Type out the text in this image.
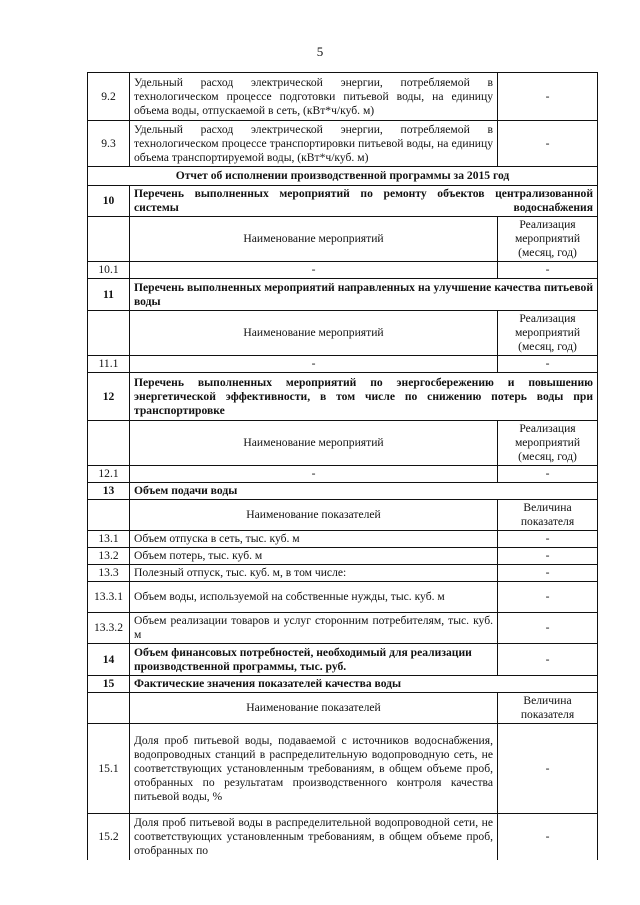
5
9.2	Удельный расход электрической энергии, потребляемой в технологическом процессе подготовки питьевой воды, на единицу объема воды, отпускаемой в сеть, (кВт*ч/куб. м)	-
9.3	Удельный расход электрической энергии, потребляемой в технологическом процессе транспортировки питьевой воды, на единицу объема транспортируемой воды, (кВт*ч/куб. м)	-
Отчет об исполнении производственной программы за 2015 год		
10	Перечень выполненных мероприятий по ремонту объектов централизованной системы водоснабжения	
	Наименование мероприятий	Реализация мероприятий (месяц, год)
10.1	-	-
11	Перечень выполненных мероприятий направленных на улучшение качества питьевой воды	
	Наименование мероприятий	Реализация мероприятий (месяц, год)
11.1	-	-
12	Перечень выполненных мероприятий по энергосбережению и повышению энергетической эффективности, в том числе по снижению потерь воды при транспортировке	
	Наименование мероприятий	Реализация мероприятий (месяц, год)
12.1	-	-
13	Объем подачи воды	
	Наименование показателей	Величина показателя
13.1	Объем отпуска в сеть, тыс. куб. м	-
13.2	Объем потерь, тыс. куб. м	-
13.3	Полезный отпуск, тыс. куб. м, в том числе:	-
13.3.1	Объем воды, используемой на собственные нужды, тыс. куб. м	-
13.3.2	Объем реализации товаров и услуг сторонним потребителям, тыс. куб. м	-
14	Объем финансовых потребностей, необходимый для реализации производственной программы, тыс. руб.	-
15	Фактические значения показателей качества воды	
	Наименование показателей	Величина показателя
15.1	Доля проб питьевой воды, подаваемой с источников водоснабжения, водопроводных станций в распределительную водопроводную сеть, не соответствующих установленным требованиям, в общем объеме проб, отобранных по результатам производственного контроля качества питьевой воды, %	-
15.2	Доля проб питьевой воды в распределительной водопроводной сети, не соответствующих установленным требованиям, в общем объеме проб, отобранных по	-
